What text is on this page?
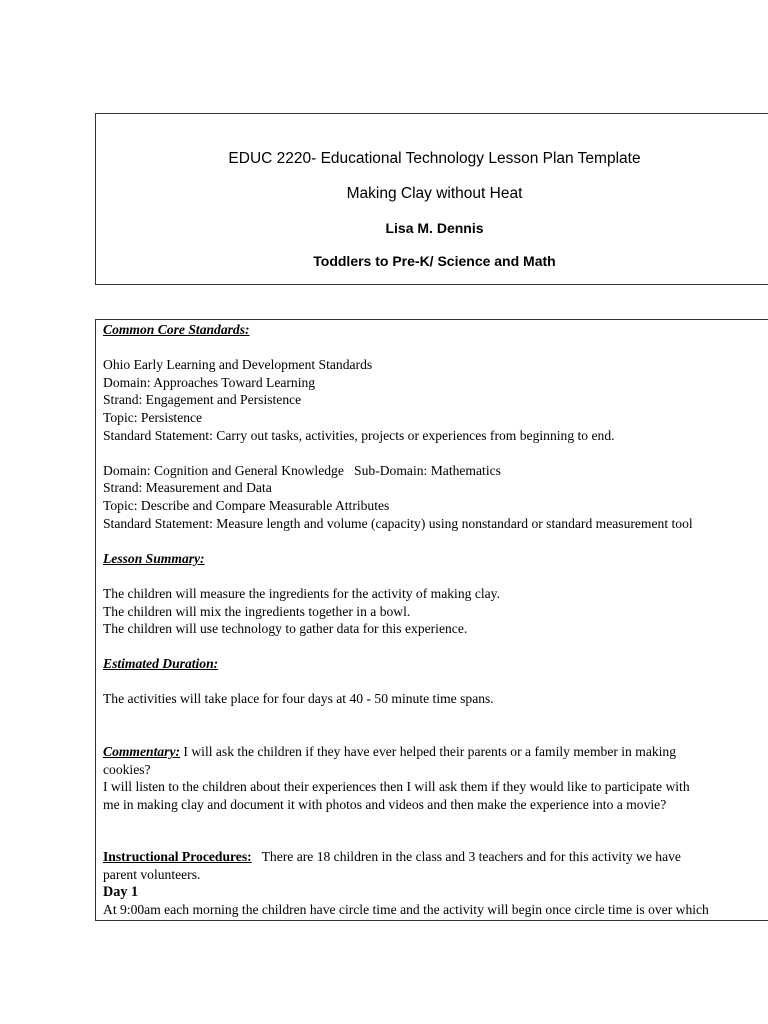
EDUC 2220- Educational Technology Lesson Plan Template
Making Clay without Heat
Lisa M. Dennis
Toddlers to Pre-K/ Science and Math

Common Core Standards:

Ohio Early Learning and Development Standards

Domain: Approaches Toward Learning

Strand: Engagement and Persistence

Topic: Persistence

Standard Statement: Carry out tasks, activities, projects or experiences from beginning to end.

Domain: Cognition and General Knowledge   Sub-Domain: Mathematics

Strand: Measurement and Data

Topic: Describe and Compare Measurable Attributes

Standard Statement: Measure length and volume (capacity) using nonstandard or standard measurement tool

Lesson Summary:

The children will measure the ingredients for the activity of making clay.

The children will mix the ingredients together in a bowl.

The children will use technology to gather data for this experience.

Estimated Duration:

The activities will take place for four days at 40 - 50 minute time spans.

Commentary: I will ask the children if they have ever helped their parents or a family member in making

cookies?

I will listen to the children about their experiences then I will ask them if they would like to participate with

me in making clay and document it with photos and videos and then make the experience into a movie?

Instructional Procedures:   There are 18 children in the class and 3 teachers and for this activity we have

parent volunteers.

Day 1

At 9:00am each morning the children have circle time and the activity will begin once circle time is over which
